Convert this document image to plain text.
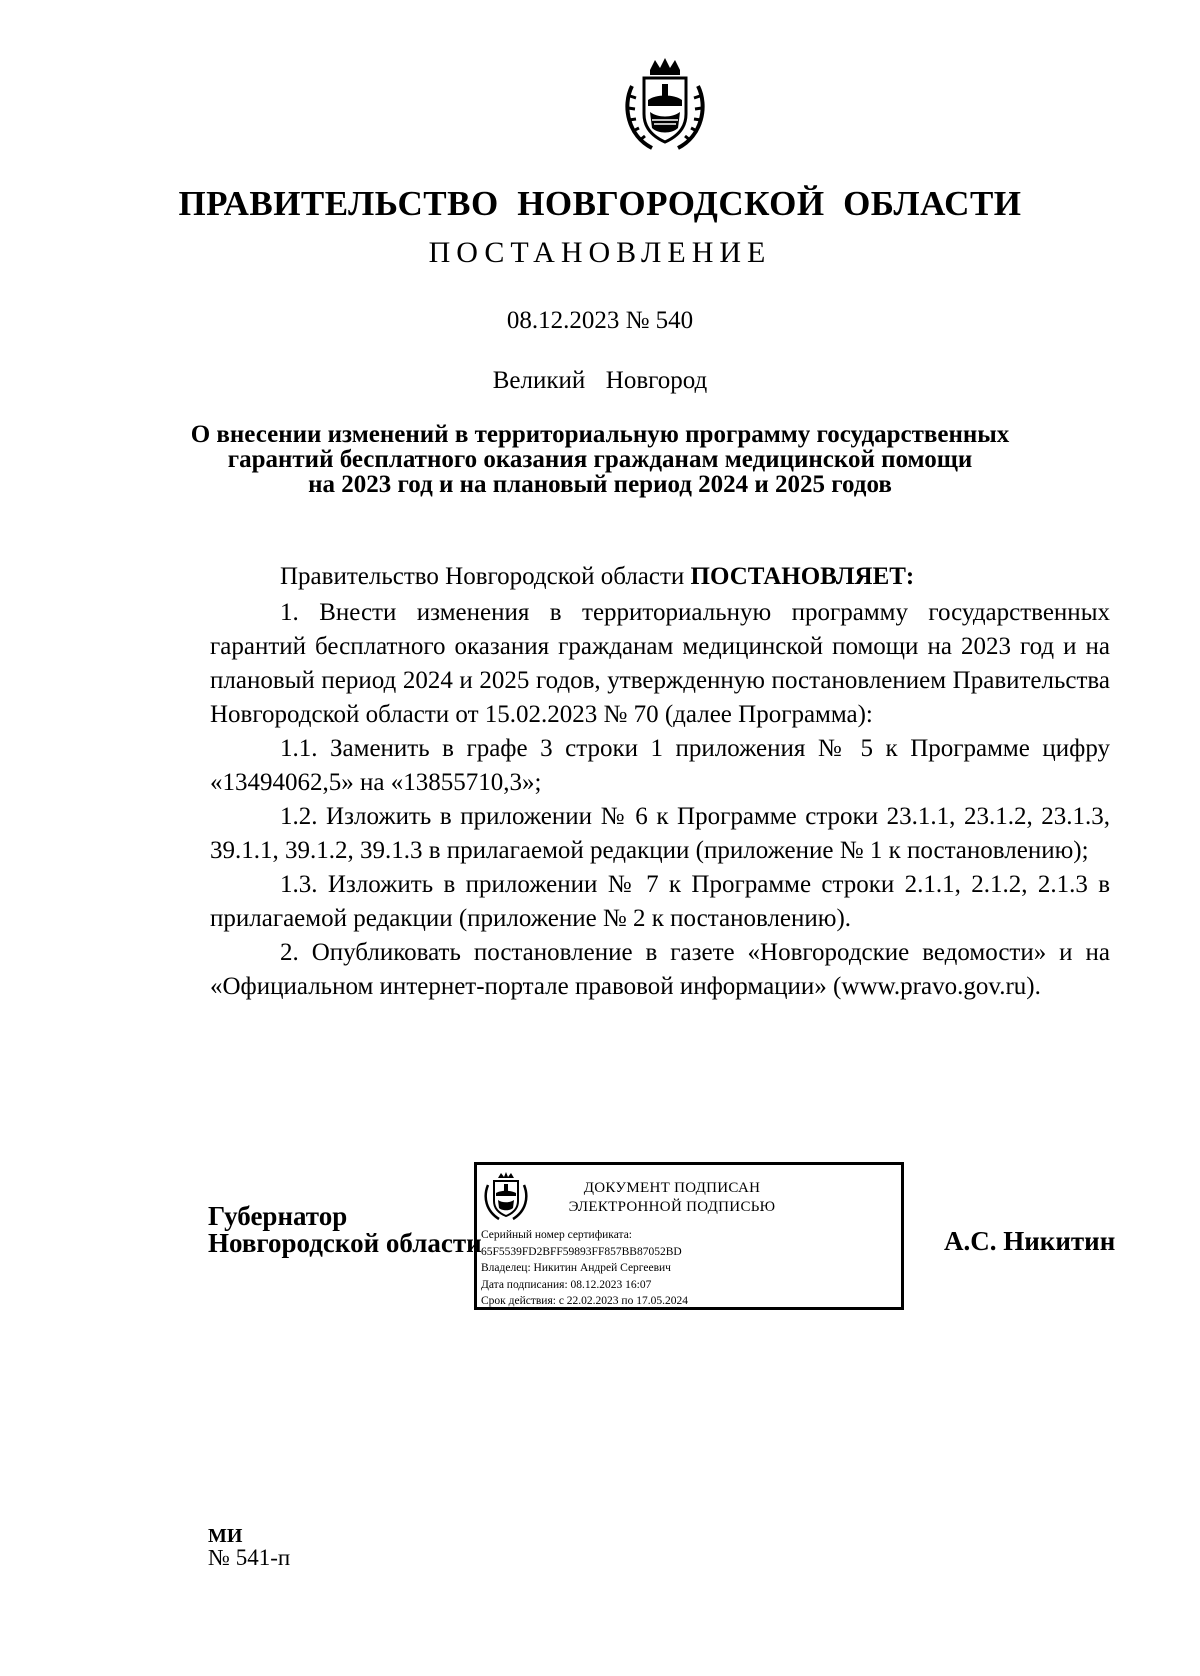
ПРАВИТЕЛЬСТВО  НОВГОРОДСКОЙ  ОБЛАСТИ
ПОСТАНОВЛЕНИЕ
08.12.2023 № 540
Великий  Новгород
О внесении изменений в территориальную программу государственных
гарантий бесплатного оказания гражданам медицинской помощи
на 2023 год и на плановый период 2024 и 2025 годов

Правительство Новгородской области ПОСТАНОВЛЯЕТ:

1. Внести изменения в территориальную программу государственных гарантий бесплатного оказания гражданам медицинской помощи на 2023 год и на плановый период 2024 и 2025 годов, утвержденную постановлением Правительства Новгородской области от 15.02.2023 № 70 (далее Программа):

1.1. Заменить в графе 3 строки 1 приложения № 5 к Программе цифру «13494062,5» на «13855710,3»;

1.2. Изложить в приложении № 6 к Программе строки 23.1.1, 23.1.2, 23.1.3, 39.1.1, 39.1.2, 39.1.3 в прилагаемой редакции (приложение № 1 к постановлению);

1.3. Изложить в приложении № 7 к Программе строки 2.1.1, 2.1.2, 2.1.3 в прилагаемой редакции (приложение № 2 к постановлению).

2. Опубликовать постановление в газете «Новгородские ведомости» и на «Официальном интернет-портале правовой информации» (www.pravo.gov.ru).

Губернатор
Новгородской области
ДОКУМЕНТ ПОДПИСАН
ЭЛЕКТРОННОЙ ПОДПИСЬЮ
Серийный номер сертификата:
65F5539FD2BFF59893FF857BB87052BD
Владелец: Никитин Андрей Сергеевич
Дата подписания: 08.12.2023 16:07
Срок действия: с 22.02.2023 по 17.05.2024
А.С. Никитин
МИ
№ 541-п
